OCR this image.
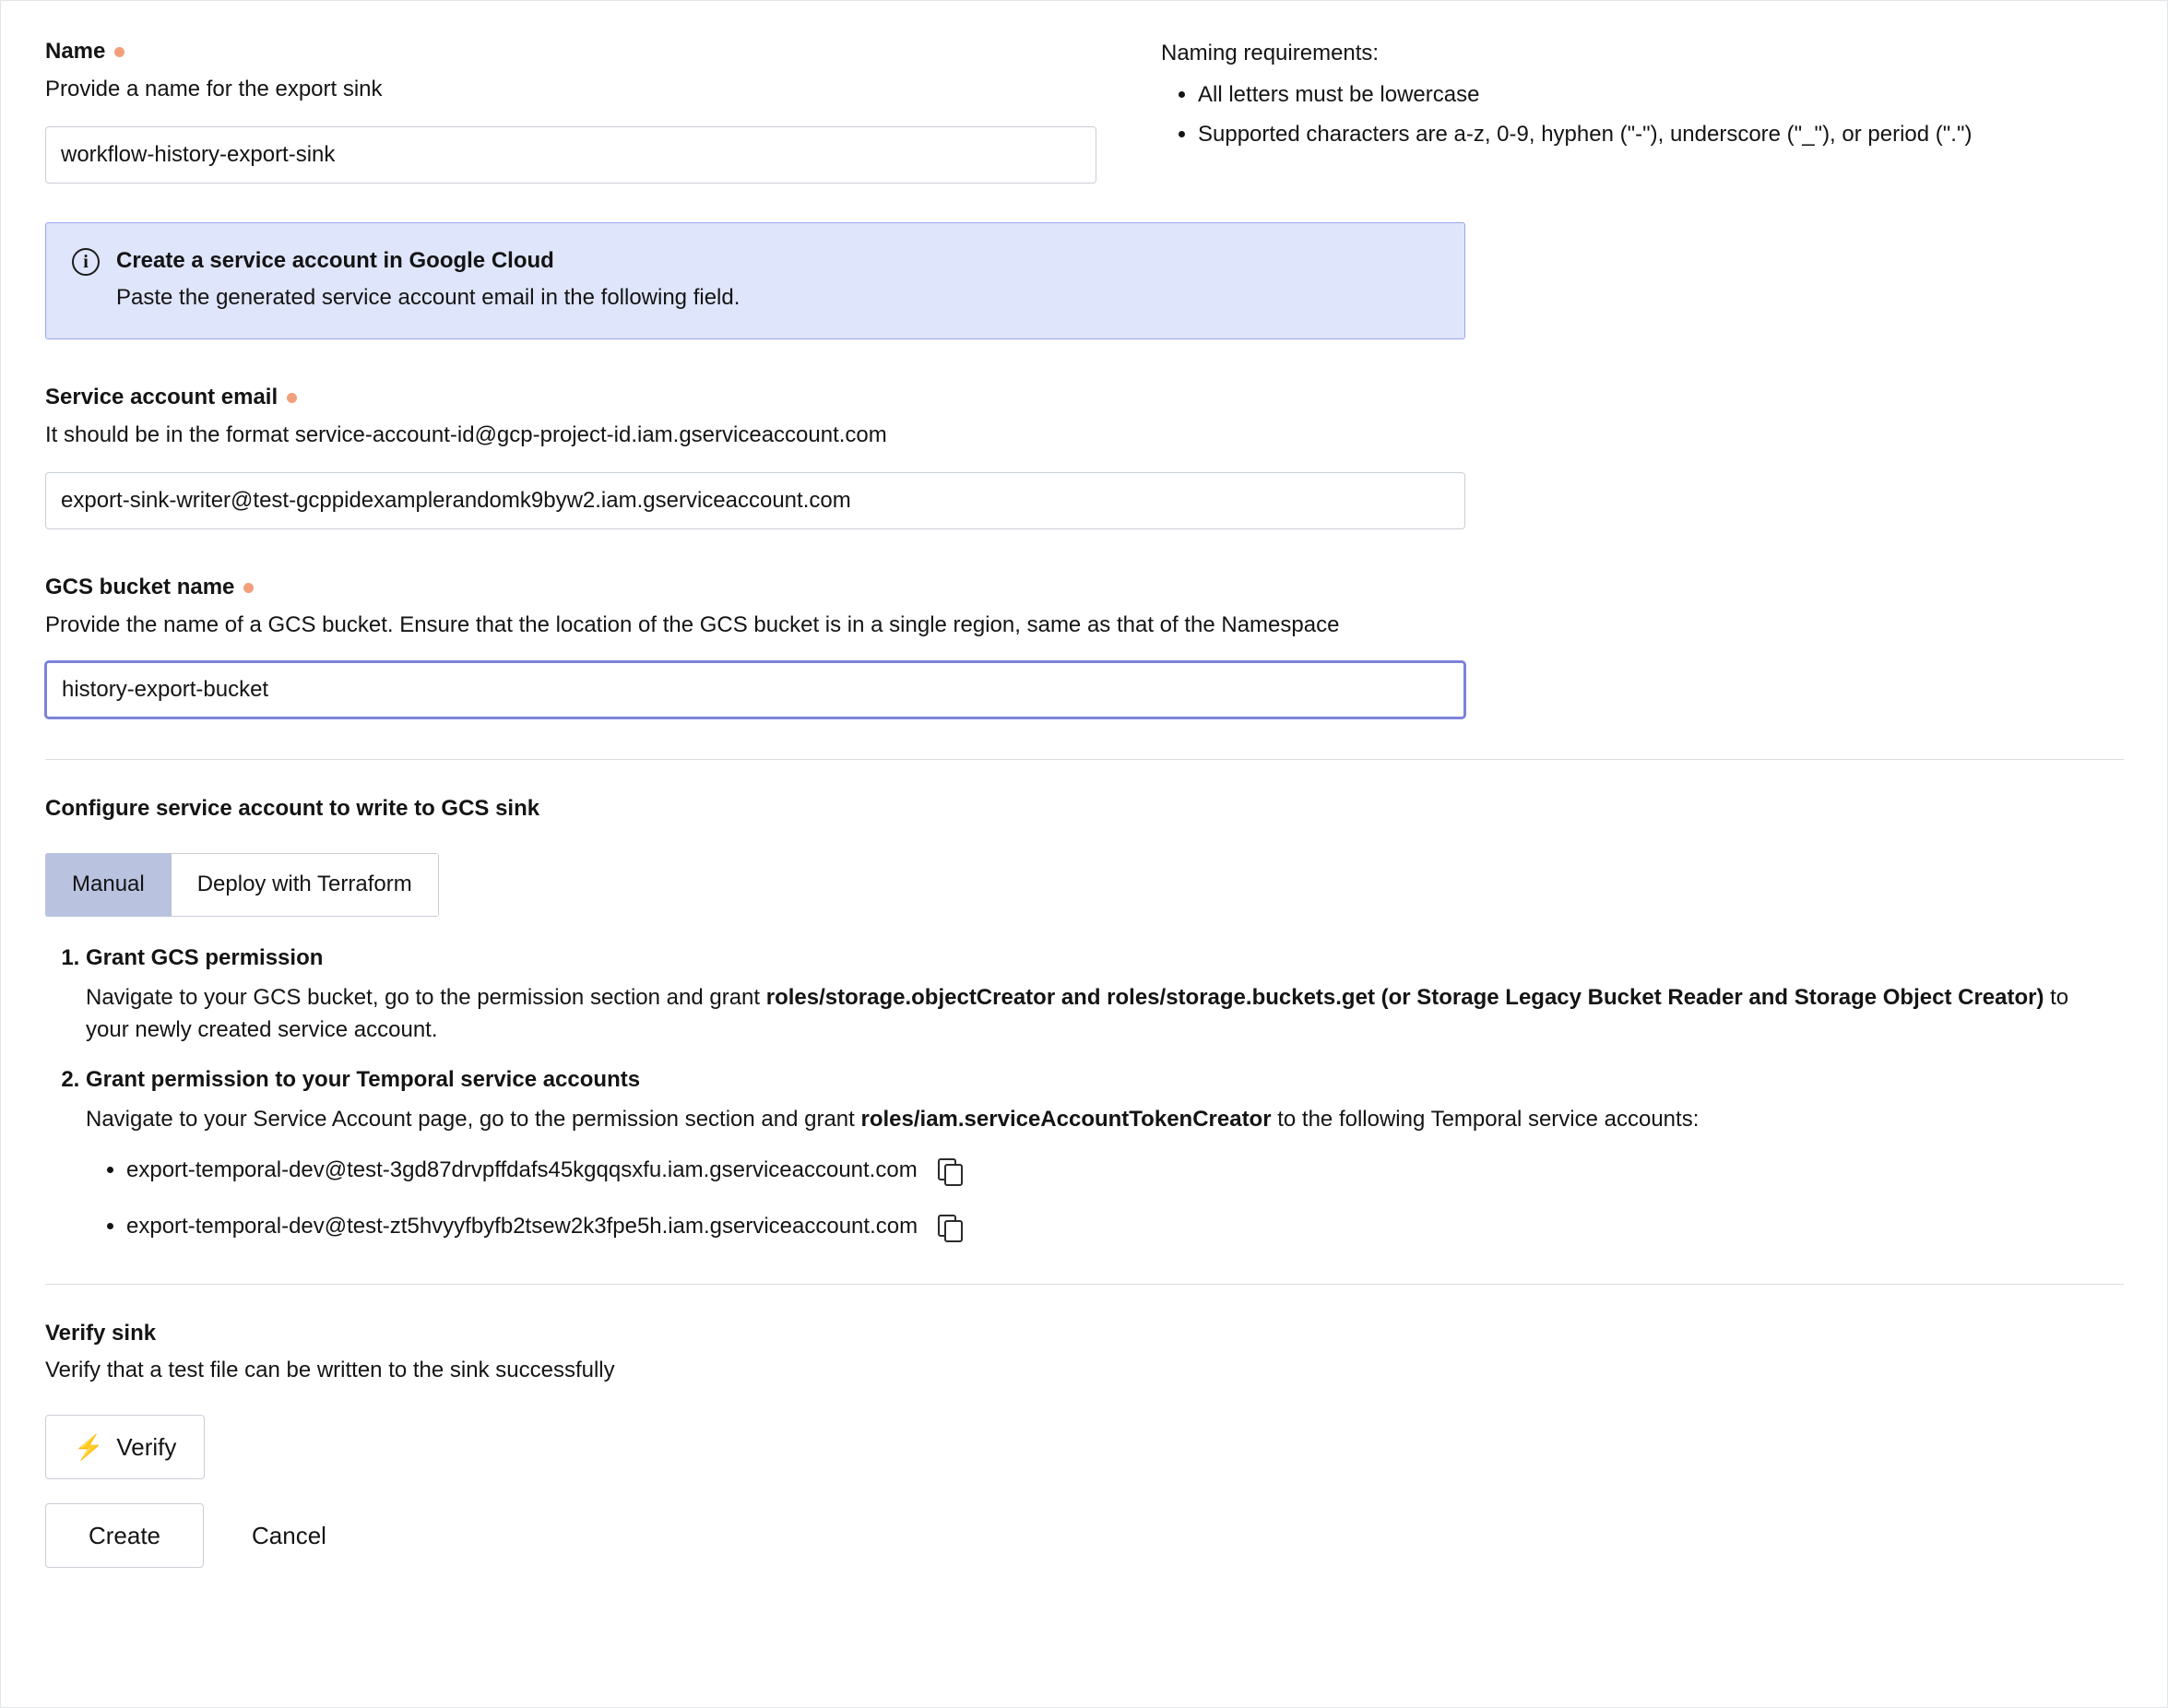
Name
Provide a name for the export sink
workflow-history-export-sink
Naming requirements:
• All letters must be lowercase
• Supported characters are a-z, 0-9, hyphen ("-"), underscore ("_"), or period (".")
i	Create a service account in Google Cloud
Paste the generated service account email in the following field.
Service account email
It should be in the format service-account-id@gcp-project-id.iam.gserviceaccount.com
export-sink-writer@test-gcppidexamplerandomk9byw2.iam.gserviceaccount.com
GCS bucket name
Provide the name of a GCS bucket. Ensure that the location of the GCS bucket is in a single region, same as that of the Namespace
history-export-bucket
Configure service account to write to GCS sink
Manual	Deploy with Terraform
1. Grant GCS permission
Navigate to your GCS bucket, go to the permission section and grant roles/storage.objectCreator and roles/storage.buckets.get (or Storage Legacy Bucket Reader and Storage Object Creator) to your newly created service account.
2. Grant permission to your Temporal service accounts
Navigate to your Service Account page, go to the permission section and grant roles/iam.serviceAccountTokenCreator to the following Temporal service accounts:
• export-temporal-dev@test-3gd87drvpffdafs45kgqqsxfu.iam.gserviceaccount.com
• export-temporal-dev@test-zt5hvyyfbyfb2tsew2k3fpe5h.iam.gserviceaccount.com
Verify sink
Verify that a test file can be written to the sink successfully
⚡ Verify
Create	Cancel
